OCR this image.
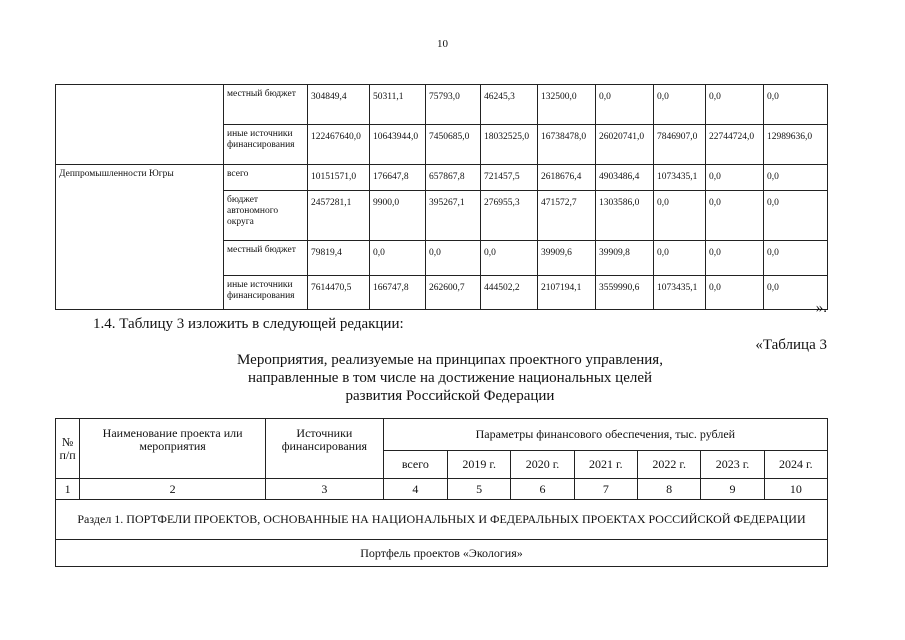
10
	местный бюджет	304849,4	50311,1	75793,0	46245,3	132500,0	0,0	0,0	0,0	0,0
	иные источники финансирования	122467640,0	10643944,0	7450685,0	18032525,0	16738478,0	26020741,0	7846907,0	22744724,0	12989636,0
Деппромышленности Югры	всего	10151571,0	176647,8	657867,8	721457,5	2618676,4	4903486,4	1073435,1	0,0	0,0
	бюджет автономного округа	2457281,1	9900,0	395267,1	276955,3	471572,7	1303586,0	0,0	0,0	0,0
	местный бюджет	79819,4	0,0	0,0	0,0	39909,6	39909,8	0,0	0,0	0,0
	иные источники финансирования	7614470,5	166747,8	262600,7	444502,2	2107194,1	3559990,6	1073435,1	0,0	0,0
».
1.4. Таблицу 3 изложить в следующей редакции:
«Таблица 3
Мероприятия, реализуемые на принципах проектного управления,
направленные в том числе на достижение национальных целей
развития Российской Федерации
№ п/п	Наименование проекта или мероприятия	Источники финансирования	Параметры финансового обеспечения, тыс. рублей						
			всего	2019 г.	2020 г.	2021 г.	2022 г.	2023 г.	2024 г.
1	2	3	4	5	6	7	8	9	10
Раздел 1. ПОРТФЕЛИ ПРОЕКТОВ, ОСНОВАННЫЕ НА НАЦИОНАЛЬНЫХ И ФЕДЕРАЛЬНЫХ ПРОЕКТАХ РОССИЙСКОЙ ФЕДЕРАЦИИ									
Портфель проектов «Экология»									
